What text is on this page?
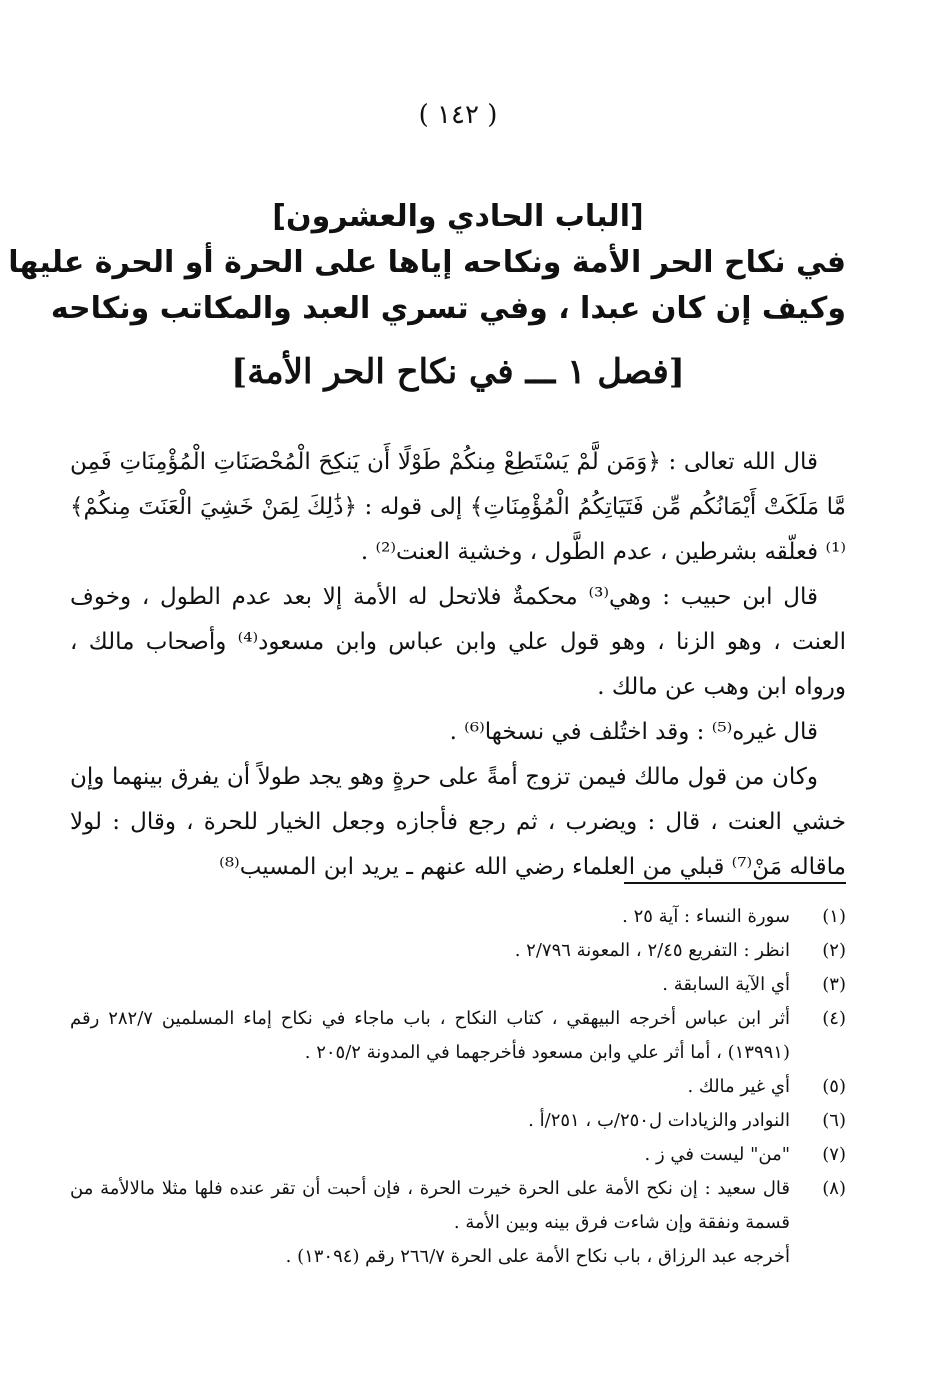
( ١٤٢ )
[الباب الحادي والعشرون]
في نكاح الحر الأمة ونكاحه إياها على الحرة أو الحرة عليها
وكيف إن كان عبدا ، وفي تسري العبد والمكاتب ونكاحه
[فصل ١ ـــ في نكاح الحر الأمة]

قال الله تعالى : ﴿وَمَن لَّمْ يَسْتَطِعْ مِنكُمْ طَوْلًا أَن يَنكِحَ الْمُحْصَنَاتِ الْمُؤْمِنَاتِ فَمِن مَّا مَلَكَتْ أَيْمَانُكُم مِّن فَتَيَاتِكُمُ الْمُؤْمِنَاتِ﴾ إلى قوله : ﴿ذَٰلِكَ لِمَنْ خَشِيَ الْعَنَتَ مِنكُمْ﴾⁽¹⁾ فعلّقه بشرطين ، عدم الطَّول ، وخشية العنت⁽²⁾ .

قال ابن حبيب : وهي⁽³⁾ محكمةٌ فلاتحل له الأمة إلا بعد عدم الطول ، وخوف العنت ، وهو الزنا ، وهو قول علي وابن عباس وابن مسعود⁽⁴⁾ وأصحاب مالك ، ورواه ابن وهب عن مالك .

قال غيره⁽⁵⁾ : وقد اختُلف في نسخها⁽⁶⁾ .

وكان من قول مالك فيمن تزوج أمةً على حرةٍ وهو يجد طولاً أن يفرق بينهما وإن خشي العنت ، قال : ويضرب ، ثم رجع فأجازه وجعل الخيار للحرة ، وقال : لولا ماقاله مَنْ⁽⁷⁾ قبلي من العلماء رضي الله عنهم ـ يريد ابن المسيب⁽⁸⁾

(١)
سورة النساء : آية ٢٥ .
(٢)
انظر : التفريع ٢/٤٥ ، المعونة ٢/٧٩٦ .
(٣)
أي الآية السابقة .
(٤)
أثر ابن عباس أخرجه البيهقي ، كتاب النكاح ، باب ماجاء في نكاح إماء المسلمين ٢٨٢/٧ رقم (١٣٩٩١) ، أما أثر علي وابن مسعود فأخرجهما في المدونة ٢٠٥/٢ .
(٥)
أي غير مالك .
(٦)
النوادر والزيادات ل٢٥٠/ب ، ٢٥١/أ .
(٧)
"من" ليست في ز .
(٨)
قال سعيد : إن نكح الأمة على الحرة خيرت الحرة ، فإن أحبت أن تقر عنده فلها مثلا مالالأمة من قسمة ونفقة وإن شاءت فرق بينه وبين الأمة .
أخرجه عبد الرزاق ، باب نكاح الأمة على الحرة ٢٦٦/٧ رقم (١٣٠٩٤) .
